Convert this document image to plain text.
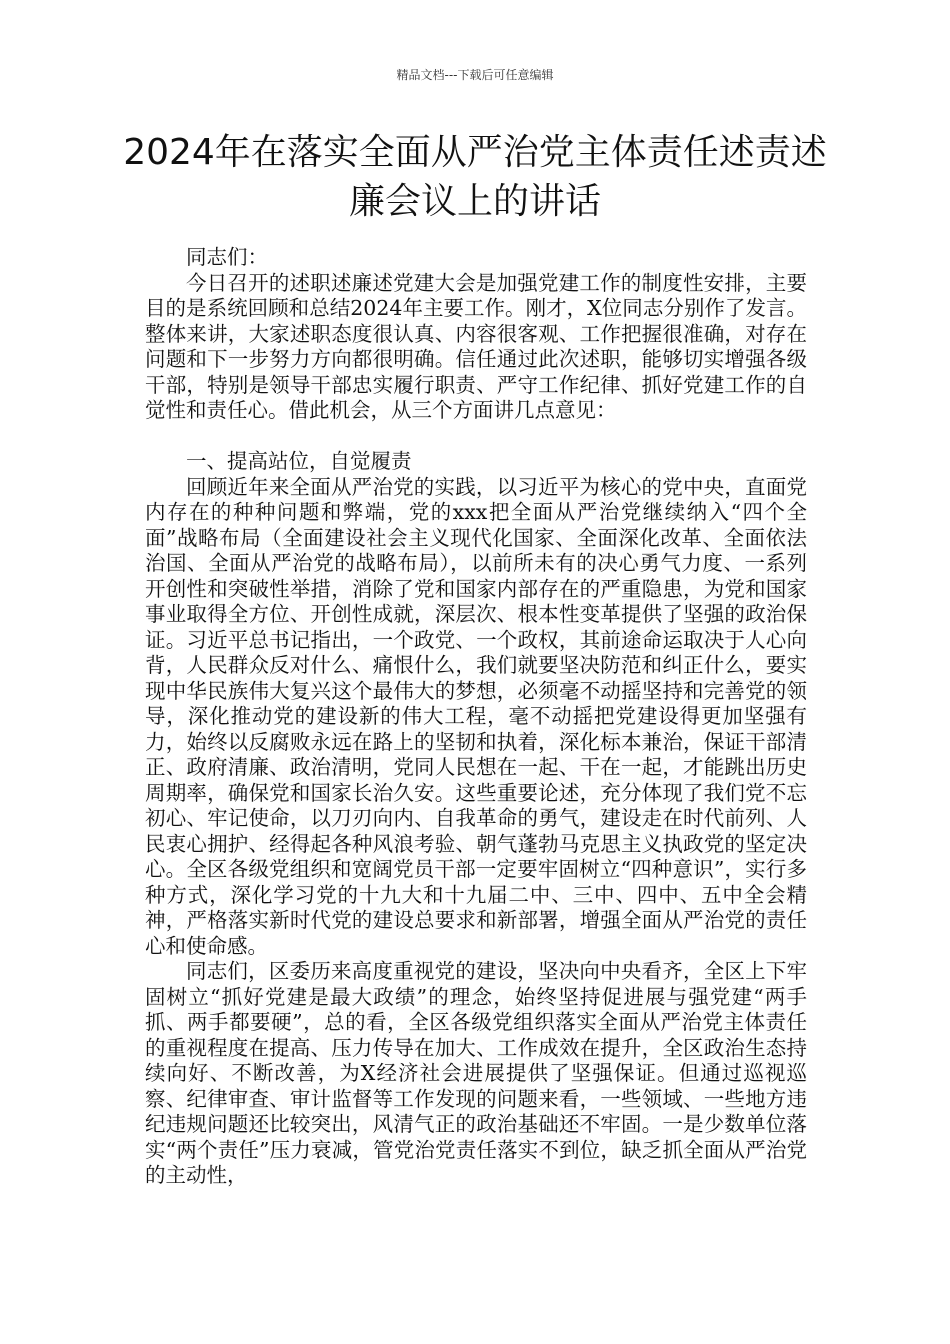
精品文档---下载后可任意编辑
2024年在落实全面从严治党主体责任述责述廉会议上的讲话

同志们：

今日召开的述职述廉述党建大会是加强党建工作的制度性安排，主要目的是系统回顾和总结2024年主要工作。刚才，X位同志分别作了发言。整体来讲，大家述职态度很认真、内容很客观、工作把握很准确，对存在问题和下一步努力方向都很明确。信任通过此次述职，能够切实增强各级干部，特别是领导干部忠实履行职责、严守工作纪律、抓好党建工作的自觉性和责任心。借此机会，从三个方面讲几点意见：

一、提高站位，自觉履责

回顾近年来全面从严治党的实践，以习近平为核心的党中央，直面党内存在的种种问题和弊端，党的xxx把全面从严治党继续纳入“四个全面”战略布局（全面建设社会主义现代化国家、全面深化改革、全面依法治国、全面从严治党的战略布局），以前所未有的决心勇气力度、一系列开创性和突破性举措，消除了党和国家内部存在的严重隐患，为党和国家事业取得全方位、开创性成就，深层次、根本性变革提供了坚强的政治保证。习近平总书记指出，一个政党、一个政权，其前途命运取决于人心向背，人民群众反对什么、痛恨什么，我们就要坚决防范和纠正什么，要实现中华民族伟大复兴这个最伟大的梦想，必须毫不动摇坚持和完善党的领导，深化推动党的建设新的伟大工程，毫不动摇把党建设得更加坚强有力，始终以反腐败永远在路上的坚韧和执着，深化标本兼治，保证干部清正、政府清廉、政治清明，党同人民想在一起、干在一起，才能跳出历史周期率，确保党和国家长治久安。这些重要论述，充分体现了我们党不忘初心、牢记使命，以刀刃向内、自我革命的勇气，建设走在时代前列、人民衷心拥护、经得起各种风浪考验、朝气蓬勃马克思主义执政党的坚定决心。全区各级党组织和宽阔党员干部一定要牢固树立“四种意识”，实行多种方式，深化学习党的十九大和十九届二中、三中、四中、五中全会精神，严格落实新时代党的建设总要求和新部署，增强全面从严治党的责任心和使命感。

同志们，区委历来高度重视党的建设，坚决向中央看齐，全区上下牢固树立“抓好党建是最大政绩”的理念，始终坚持促进展与强党建“两手抓、两手都要硬”，总的看，全区各级党组织落实全面从严治党主体责任的重视程度在提高、压力传导在加大、工作成效在提升，全区政治生态持续向好、不断改善，为X经济社会进展提供了坚强保证。但通过巡视巡察、纪律审查、审计监督等工作发现的问题来看，一些领域、一些地方违纪违规问题还比较突出，风清气正的政治基础还不牢固。一是少数单位落实“两个责任”压力衰减，管党治党责任落实不到位，缺乏抓全面从严治党的主动性，
